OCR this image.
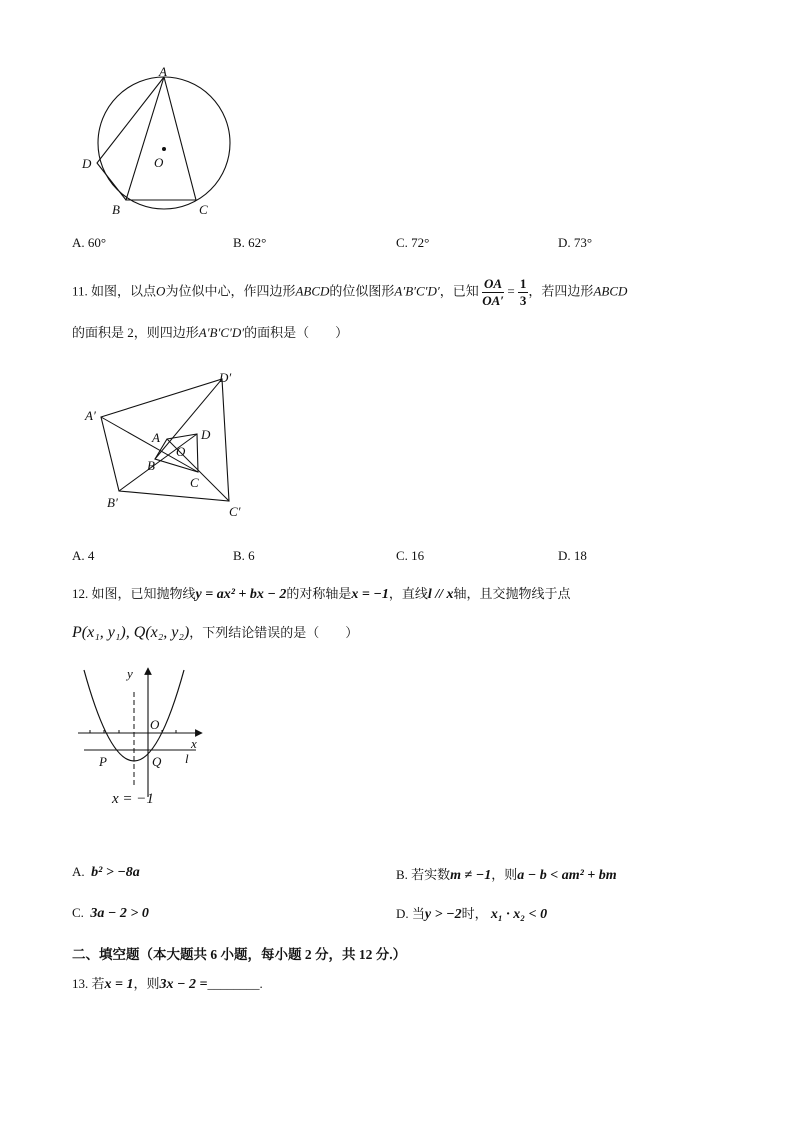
A
O
D
B	C
A. 60°	B. 62°	C. 72°	D. 73°
11. 如图，以点O为位似中心，作四边形ABCD的位似图形A′B′C′D′，已知 $\frac{OA}{OA'} = \frac{1}{3}$ ，若四边形ABCD
的面积是 2，则四边形A′B′C′D′的面积是（　　）
A′
D′
B′
C′
A	D
O
B
C
A. 4	B. 6	C. 16	D. 18
12. 如图，已知抛物线y = ax² + bx − 2的对称轴是x = −1，直线l // x轴，且交抛物线于点
P(x₁, y₁), Q(x₂, y₂)，下列结论错误的是（　　）
y
O
x
P	Q l
x = −1
A. b² > −8a	B. 若实数m ≠ −1，则a − b < am² + bm
C. 3a − 2 > 0	D. 当y > −2时， x₁ · x₂ < 0
二、填空题（本大题共 6 小题，每小题 2 分，共 12 分.）
13. 若x = 1，则3x − 2 =________.
